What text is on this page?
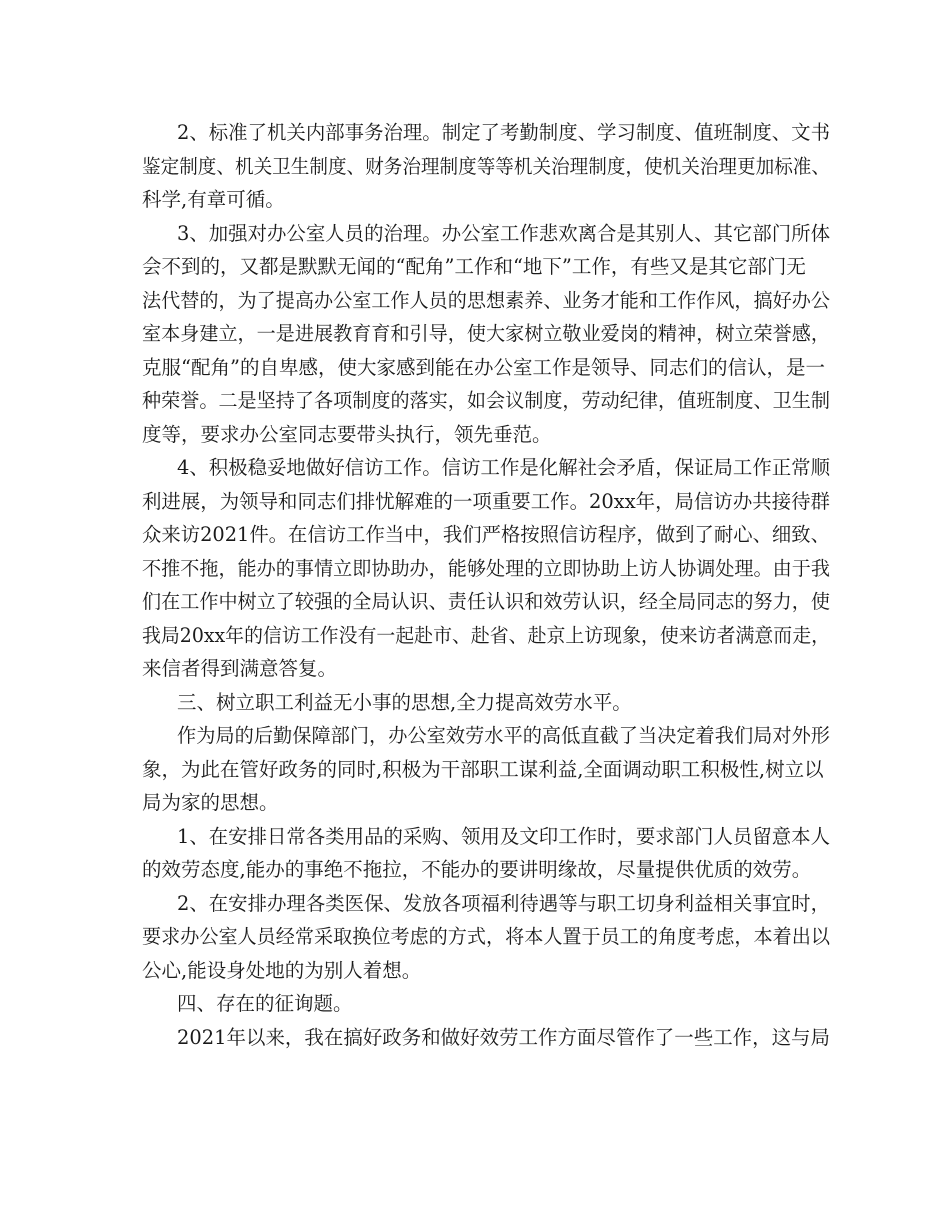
2、标准了机关内部事务治理。制定了考勤制度、学习制度、值班制度、文书
鉴定制度、机关卫生制度、财务治理制度等等机关治理制度，使机关治理更加标准、
科学,有章可循。
3、加强对办公室人员的治理。办公室工作悲欢离合是其别人、其它部门所体
会不到的，又都是默默无闻的“配角”工作和“地下”工作，有些又是其它部门无
法代替的，为了提高办公室工作人员的思想素养、业务才能和工作作风，搞好办公
室本身建立，一是进展教育育和引导，使大家树立敬业爱岗的精神，树立荣誉感，
克服“配角”的自卑感，使大家感到能在办公室工作是领导、同志们的信认，是一
种荣誉。二是坚持了各项制度的落实，如会议制度，劳动纪律，值班制度、卫生制
度等，要求办公室同志要带头执行，领先垂范。
4、积极稳妥地做好信访工作。信访工作是化解社会矛盾，保证局工作正常顺
利进展，为领导和同志们排忧解难的一项重要工作。20xx年，局信访办共接待群
众来访2021件。在信访工作当中，我们严格按照信访程序，做到了耐心、细致、
不推不拖，能办的事情立即协助办，能够处理的立即协助上访人协调处理。由于我
们在工作中树立了较强的全局认识、责任认识和效劳认识，经全局同志的努力，使
我局20xx年的信访工作没有一起赴市、赴省、赴京上访现象，使来访者满意而走，
来信者得到满意答复。
三、树立职工利益无小事的思想,全力提高效劳水平。
作为局的后勤保障部门，办公室效劳水平的高低直截了当决定着我们局对外形
象，为此在管好政务的同时,积极为干部职工谋利益,全面调动职工积极性,树立以
局为家的思想。
1、在安排日常各类用品的采购、领用及文印工作时，要求部门人员留意本人
的效劳态度,能办的事绝不拖拉，不能办的要讲明缘故，尽量提供优质的效劳。
2、在安排办理各类医保、发放各项福利待遇等与职工切身利益相关事宜时，
要求办公室人员经常采取换位考虑的方式，将本人置于员工的角度考虑，本着出以
公心,能设身处地的为别人着想。
四、存在的征询题。
2021年以来，我在搞好政务和做好效劳工作方面尽管作了一些工作，这与局
